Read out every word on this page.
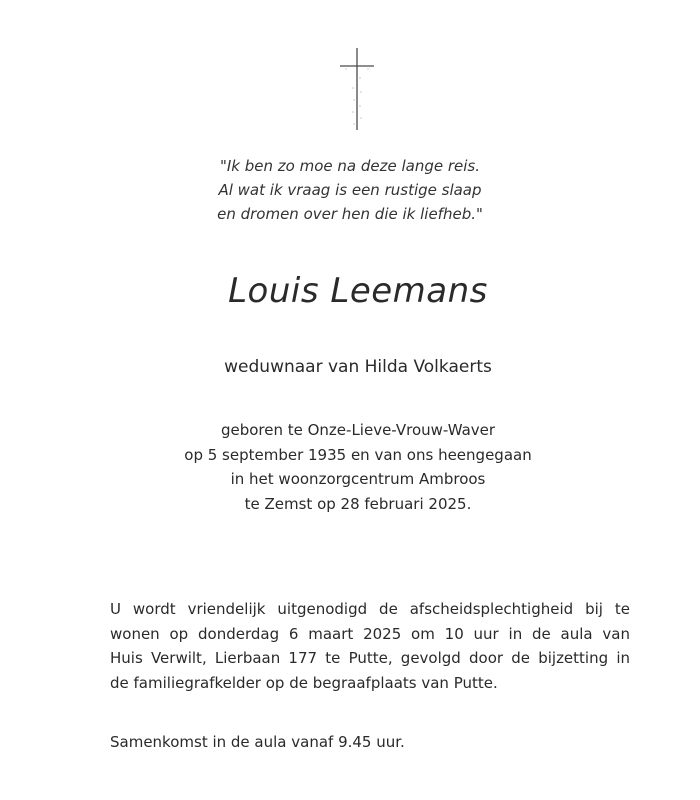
"Ik ben zo moe na deze lange reis.
Al wat ik vraag is een rustige slaap
en dromen over hen die ik liefheb."
Louis Leemans
weduwnaar van Hilda Volkaerts
geboren te Onze-Lieve-Vrouw-Waver
op 5 september 1935 en van ons heengegaan
in het woonzorgcentrum Ambroos
te Zemst op 28 februari 2025.
U wordt vriendelijk uitgenodigd de afscheidsplechtigheid bij te
wonen op donderdag 6 maart 2025 om 10 uur in de aula van
Huis Verwilt, Lierbaan 177 te Putte, gevolgd door de bijzetting in
de familiegrafkelder op de begraafplaats van Putte.
Samenkomst in de aula vanaf 9.45 uur.
